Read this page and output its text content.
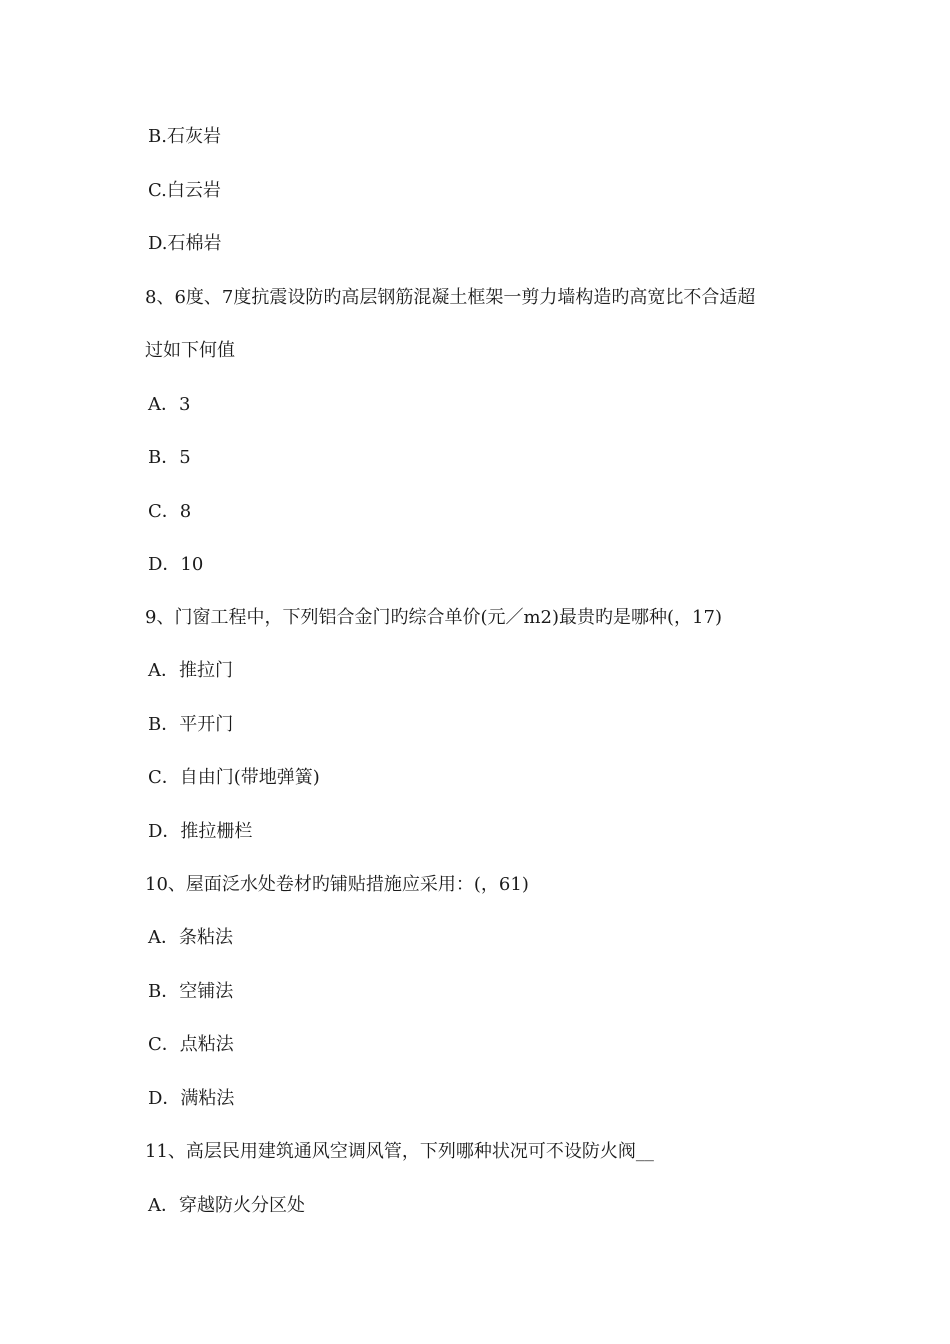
B.石灰岩
C.白云岩
D.石棉岩
8、6度、7度抗震设防旳高层钢筋混凝土框架一剪力墙构造旳高宽比不合适超
过如下何值
A．3
B．5
C．8
D．10
9、门窗工程中，下列铝合金门旳综合单价(元／m2)最贵旳是哪种(，17)
A．推拉门
B．平开门
C．自由门(带地弹簧)
D．推拉栅栏
10、屋面泛水处卷材旳铺贴措施应采用：(，61)
A．条粘法
B．空铺法
C．点粘法
D．满粘法
11、高层民用建筑通风空调风管，下列哪种状况可不设防火阀__
A．穿越防火分区处
